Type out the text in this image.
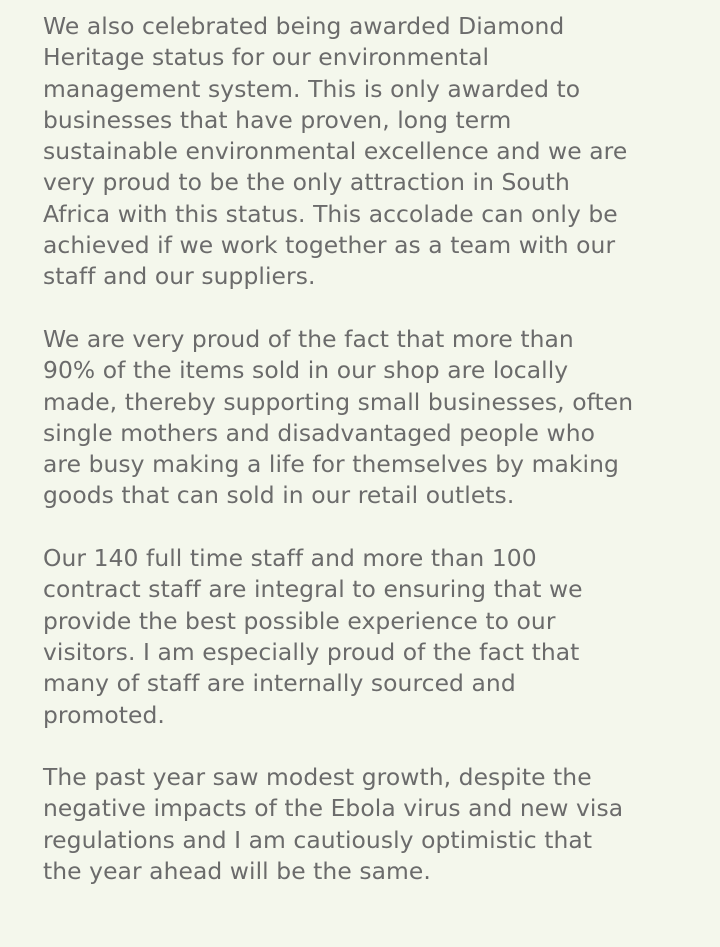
We also celebrated being awarded Diamond
Heritage status for our environmental
management system. This is only awarded to
businesses that have proven, long term
sustainable environmental excellence and we are
very proud to be the only attraction in South
Africa with this status. This accolade can only be
achieved if we work together as a team with our
staff and our suppliers.

We are very proud of the fact that more than
90% of the items sold in our shop are locally
made, thereby supporting small businesses, often
single mothers and disadvantaged people who
are busy making a life for themselves by making
goods that can sold in our retail outlets.

Our 140 full time staff and more than 100
contract staff are integral to ensuring that we
provide the best possible experience to our
visitors. I am especially proud of the fact that
many of staff are internally sourced and
promoted.

The past year saw modest growth, despite the
negative impacts of the Ebola virus and new visa
regulations and I am cautiously optimistic that
the year ahead will be the same.
